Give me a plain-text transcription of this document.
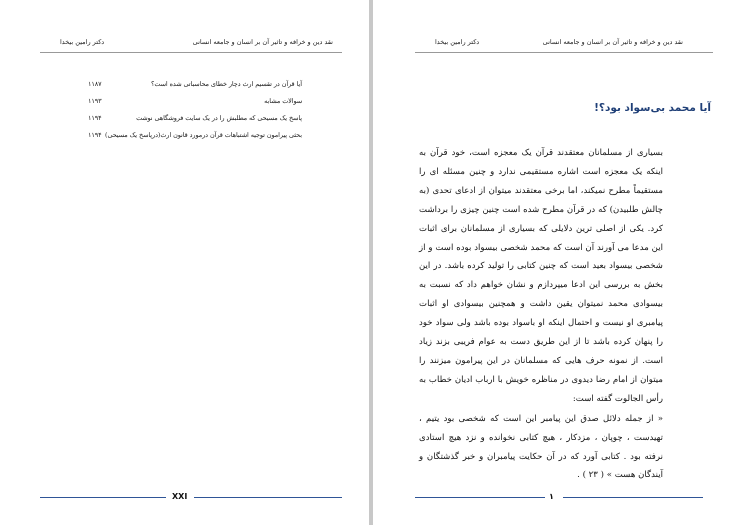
دکتر رامین بیخدا	نقد دین و خرافه و تاثیر آن بر انسان و جامعه انسانی
آیا قرآن در تقسیم ارث دچار خطای محاسباتی شده است؟
۱۱۸۷
سوالات مشابه
۱۱۹۳
پاسخ یک مسیحی که مطلبش را در یک سایت فروشگاهی نوشت
۱۱۹۴
بحثی پیرامون توجیه اشتباهات قرآن درمورد قانون ارث(درپاسخ یک مسیحی)
۱۱۹۴
XXI
دکتر رامین بیخدا	نقد دین و خرافه و تاثیر آن بر انسان و جامعه انسانی
آیا محمد بی‌سواد بود؟!

بسیاری از مسلمانان معتقدند قرآن یک معجزه است، خود قرآن به اینکه یک معجزه است اشاره مستقیمی ندارد و چنین مسئله ای را مستقیماً مطرح نمیکند، اما برخی معتقدند میتوان از ادعای تحدی (به چالش طلبیدن) که در قرآن مطرح شده است چنین چیزی را برداشت کرد. یکی از اصلی ترین دلایلی که بسیاری از مسلمانان برای اثبات این مدعا می آورند آن است که محمد شخصی بیسواد بوده است و از شخصی بیسواد بعید است که چنین کتابی را تولید کرده باشد. در این بخش به بررسی این ادعا میپردازم و نشان خواهم داد که نسبت به بیسوادی محمد نمیتوان یقین داشت و همچنین بیسوادی او اثبات پیامبری او نیست و احتمال اینکه او باسواد بوده باشد ولی سواد خود را پنهان کرده باشد تا از این طریق دست به عوام فریبی بزند زیاد است. از نمونه حرف هایی که مسلمانان در این پیرامون میزنند را میتوان از امام رضا دیدوی در مناظره خویش با ارباب ادیان خطاب به رأس الجالوت گفته است:

« از جمله دلائل صدق این پیامبر این است که شخصی بود یتیم ، تهیدست ، چوپان ، مزدکار ، هیچ کتابی نخوانده و نزد هیچ استادی نرفته بود . کتابی آورد که در آن حکایت پیامبران و خبر گذشتگان و آیندگان هست » ( ۲۳ ) .

۱
